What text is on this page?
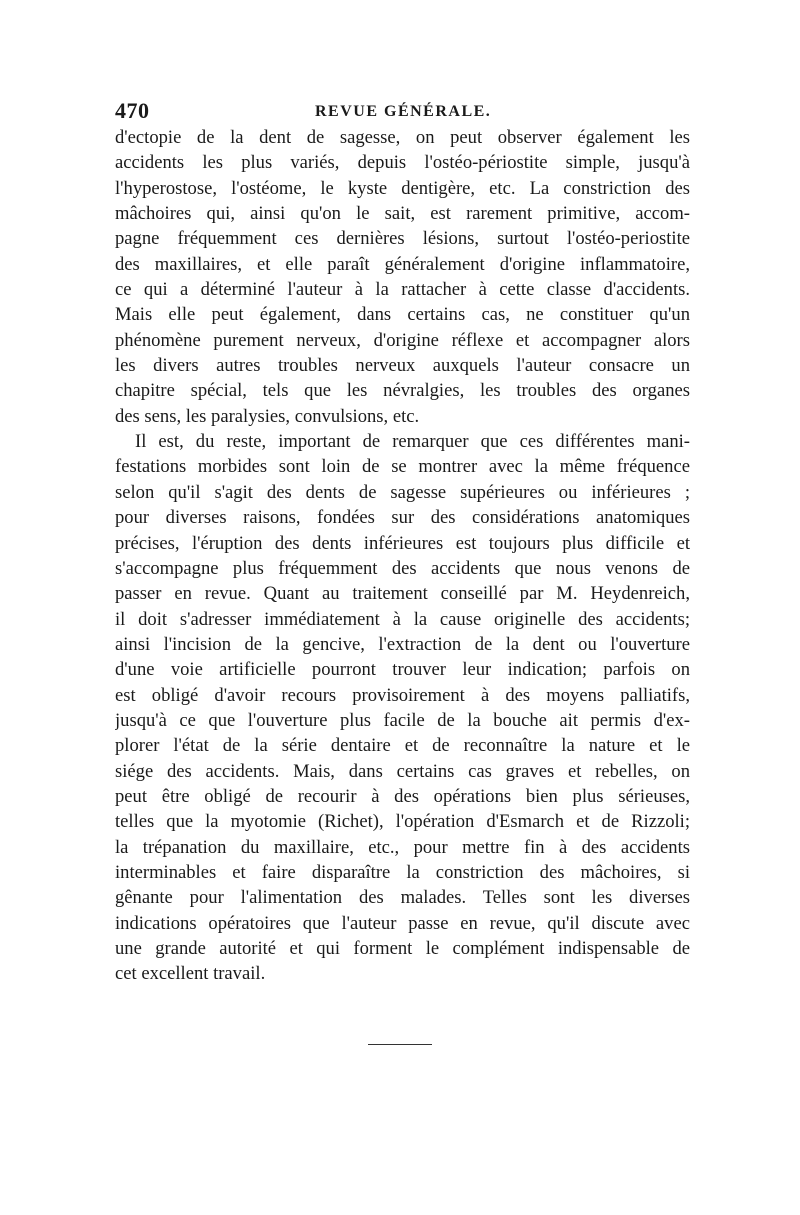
470	REVUE GÉNÉRALE.
d'ectopie de la dent de sagesse, on peut observer également les
accidents les plus variés, depuis l'ostéo-périostite simple, jusqu'à
l'hyperostose, l'ostéome, le kyste dentigère, etc. La constriction des
mâchoires qui, ainsi qu'on le sait, est rarement primitive, accom-
pagne fréquemment ces dernières lésions, surtout l'ostéo-periostite
des maxillaires, et elle paraît généralement d'origine inflammatoire,
ce qui a déterminé l'auteur à la rattacher à cette classe d'accidents.
Mais elle peut également, dans certains cas, ne constituer qu'un
phénomène purement nerveux, d'origine réflexe et accompagner alors
les divers autres troubles nerveux auxquels l'auteur consacre un
chapitre spécial, tels que les névralgies, les troubles des organes
des sens, les paralysies, convulsions, etc.
Il est, du reste, important de remarquer que ces différentes mani-
festations morbides sont loin de se montrer avec la même fréquence
selon qu'il s'agit des dents de sagesse supérieures ou inférieures ;
pour diverses raisons, fondées sur des considérations anatomiques
précises, l'éruption des dents inférieures est toujours plus difficile et
s'accompagne plus fréquemment des accidents que nous venons de
passer en revue. Quant au traitement conseillé par M. Heydenreich,
il doit s'adresser immédiatement à la cause originelle des accidents;
ainsi l'incision de la gencive, l'extraction de la dent ou l'ouverture
d'une voie artificielle pourront trouver leur indication; parfois on
est obligé d'avoir recours provisoirement à des moyens palliatifs,
jusqu'à ce que l'ouverture plus facile de la bouche ait permis d'ex-
plorer l'état de la série dentaire et de reconnaître la nature et le
siége des accidents. Mais, dans certains cas graves et rebelles, on
peut être obligé de recourir à des opérations bien plus sérieuses,
telles que la myotomie (Richet), l'opération d'Esmarch et de Rizzoli;
la trépanation du maxillaire, etc., pour mettre fin à des accidents
interminables et faire disparaître la constriction des mâchoires, si
gênante pour l'alimentation des malades. Telles sont les diverses
indications opératoires que l'auteur passe en revue, qu'il discute avec
une grande autorité et qui forment le complément indispensable de
cet excellent travail.
